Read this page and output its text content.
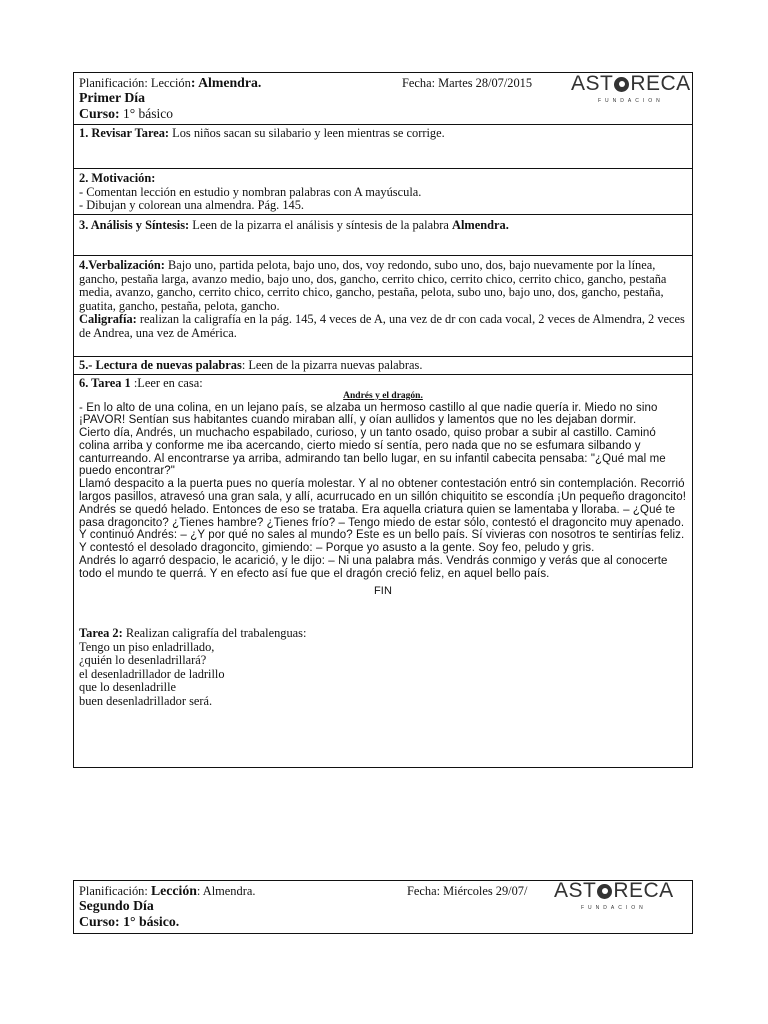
Planificación: Lección: Almendra.	Fecha: Martes 28/07/2015
Primer Día
Curso: 1° básico
AST RECA
FUNDACION
1. Revisar Tarea: Los niños sacan su silabario y leen mientras se corrige.
2. Motivación:
- Comentan lección en estudio y nombran palabras con A mayúscula.
- Dibujan y colorean una almendra. Pág. 145.
3. Análisis y Síntesis: Leen de la pizarra el análisis y síntesis de la palabra Almendra.
4.Verbalización: Bajo uno, partida pelota, bajo uno, dos, voy redondo, subo uno, dos, bajo nuevamente por la línea, gancho, pestaña larga, avanzo medio, bajo uno, dos, gancho, cerrito chico, cerrito chico, cerrito chico, gancho, pestaña media, avanzo, gancho, cerrito chico, cerrito chico, gancho, pestaña, pelota, subo uno, bajo uno, dos, gancho, pestaña, guatita, gancho, pestaña, pelota, gancho.
Caligrafía: realizan la caligrafía en la pág. 145, 4 veces de A, una vez de dr con cada vocal, 2 veces de Almendra, 2 veces de Andrea, una vez de América.
5.- Lectura de nuevas palabras: Leen de la pizarra nuevas palabras.
6. Tarea 1 :Leer en casa:
Andrés y el dragón.
- En lo alto de una colina, en un lejano país, se alzaba un hermoso castillo al que nadie quería ir. Miedo no sino ¡PAVOR! Sentían sus habitantes cuando miraban allí, y oían aullidos y lamentos que no les dejaban dormir.
Cierto día, Andrés, un muchacho espabilado, curioso, y un tanto osado, quiso probar a subir al castillo. Caminó colina arriba y conforme me iba acercando, cierto miedo sí sentía, pero nada que no se esfumara silbando y canturreando. Al encontrarse ya arriba, admirando tan bello lugar, en su infantil cabecita pensaba: "¿Qué mal me puedo encontrar?"
Llamó despacito a la puerta pues no quería molestar. Y al no obtener contestación entró sin contemplación. Recorrió largos pasillos, atravesó una gran sala, y allí, acurrucado en un sillón chiquitito se escondía ¡Un pequeño dragoncito!
Andrés se quedó helado. Entonces de eso se trataba. Era aquella criatura quien se lamentaba y lloraba. – ¿Qué te pasa dragoncito? ¿Tienes hambre? ¿Tienes frío? – Tengo miedo de estar sólo, contestó el dragoncito muy apenado. Y continuó Andrés: – ¿Y por qué no sales al mundo? Este es un bello país. Sí vivieras con nosotros te sentirías feliz. Y contestó el desolado dragoncito, gimiendo: – Porque yo asusto a la gente. Soy feo, peludo y gris.
Andrés lo agarró despacio, le acarició, y le dijo: – Ni una palabra más. Vendrás conmigo y verás que al conocerte todo el mundo te querrá. Y en efecto así fue que el dragón creció feliz, en aquel bello país.
FIN
Tarea 2: Realizan caligrafía del trabalenguas:
Tengo un piso enladrillado,
¿quién lo desenladrillará?
el desenladrillador de ladrillo
que lo desenladrille
buen desenladrillador será.
Planificación: Lección: Almendra.	Fecha: Miércoles 29/07/
Segundo Día
Curso: 1° básico.
AST RECA
FUNDACION
